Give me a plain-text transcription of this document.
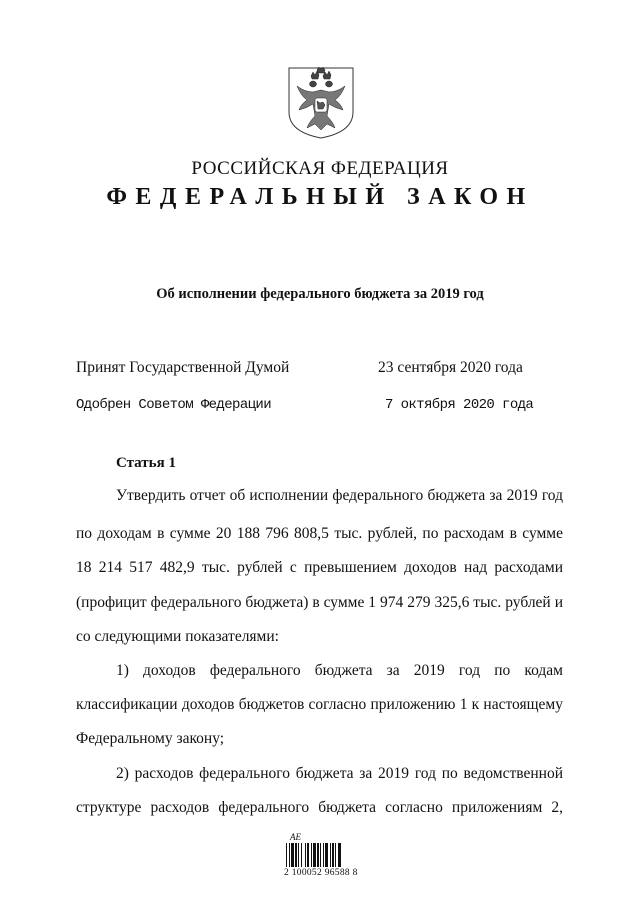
РОССИЙСКАЯ ФЕДЕРАЦИЯ
ФЕДЕРАЛЬНЫЙ ЗАКОН
Об исполнении федерального бюджета за 2019 год
Принят Государственной Думой	23 сентября 2020 года
Одобрен Советом Федерации	7 октября 2020 года
Статья 1
Утвердить отчет об исполнении федерального бюджета за 2019 год
по доходам в сумме 20 188 796 808,5 тыс. рублей, по расходам в сумме
18 214 517 482,9 тыс. рублей с превышением доходов над расходами
(профицит федерального бюджета) в сумме 1 974 279 325,6 тыс. рублей и
со следующими показателями:
1) доходов федерального бюджета за 2019 год по кодам
классификации доходов бюджетов согласно приложению 1 к настоящему
Федеральному закону;
2) расходов федерального бюджета за 2019 год по ведомственной
структуре расходов федерального бюджета согласно приложениям 2,
АЕ
2 100052 96588 8
